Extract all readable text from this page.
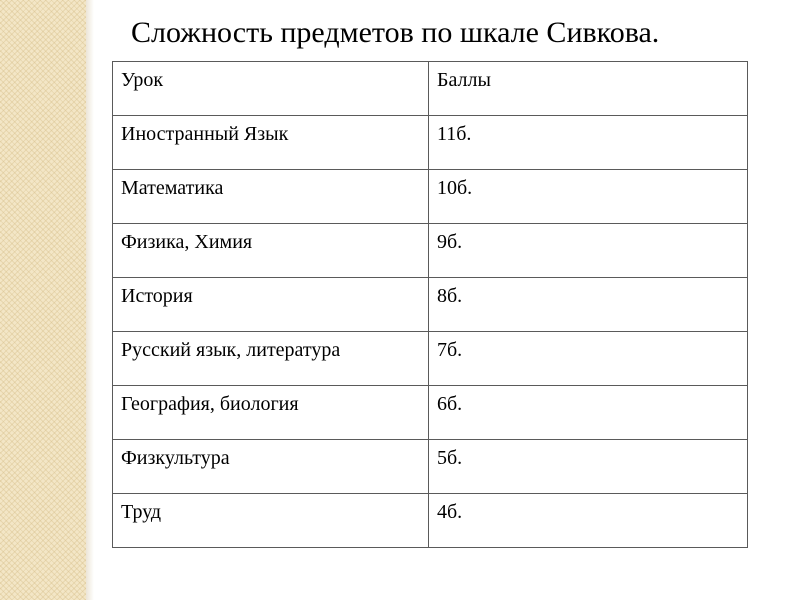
Сложность предметов по шкале Сивкова.
Урок	Баллы
Иностранный Язык	11б.
Математика	10б.
Физика, Химия	9б.
История	8б.
Русский язык, литература	7б.
География, биология	6б.
Физкультура	5б.
Труд	4б.
